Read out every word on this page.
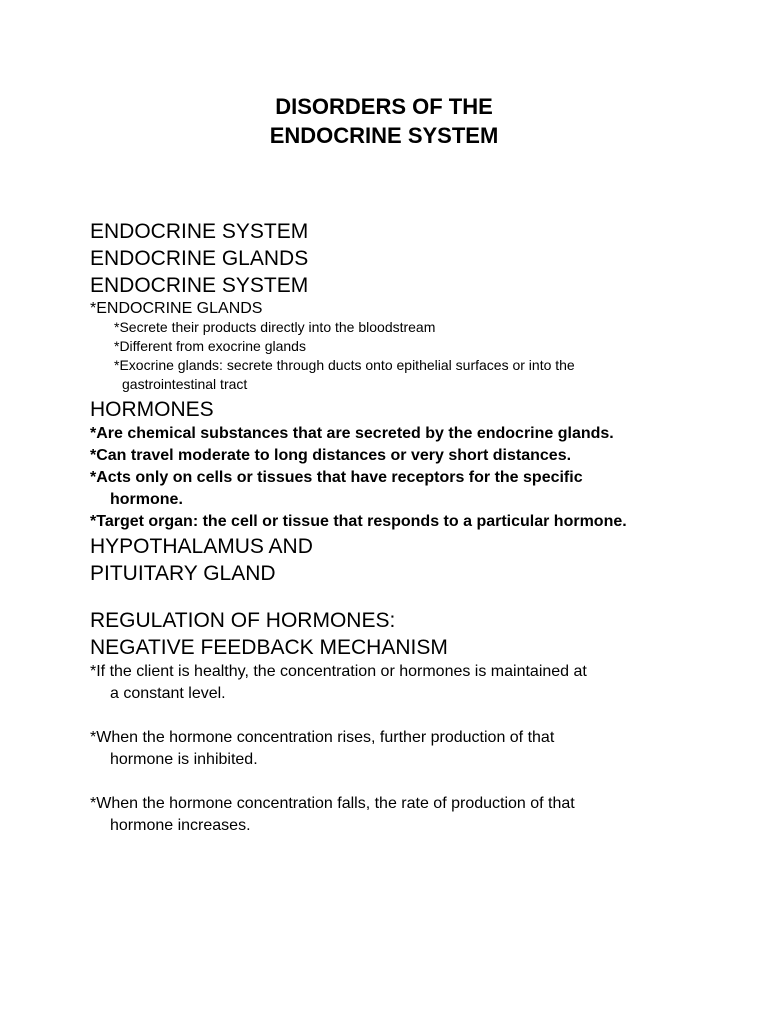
DISORDERS OF THE
ENDOCRINE SYSTEM
ENDOCRINE SYSTEM
ENDOCRINE GLANDS
ENDOCRINE SYSTEM
*ENDOCRINE GLANDS
*Secrete their products directly into the bloodstream
*Different from exocrine glands
*Exocrine glands: secrete through ducts onto epithelial surfaces or into the
gastrointestinal tract
HORMONES
*Are chemical substances that are secreted by the endocrine glands.
*Can travel moderate to long distances or very short distances.
*Acts only on cells or tissues that have receptors for the specific
hormone.
*Target organ: the cell or tissue that responds to a particular hormone.
HYPOTHALAMUS AND
PITUITARY GLAND
REGULATION OF HORMONES:
NEGATIVE FEEDBACK MECHANISM
*If the client is healthy, the concentration or hormones is maintained at
a constant level.
*When the hormone concentration rises, further production of that
hormone is inhibited.
*When the hormone concentration falls, the rate of production of that
hormone increases.
